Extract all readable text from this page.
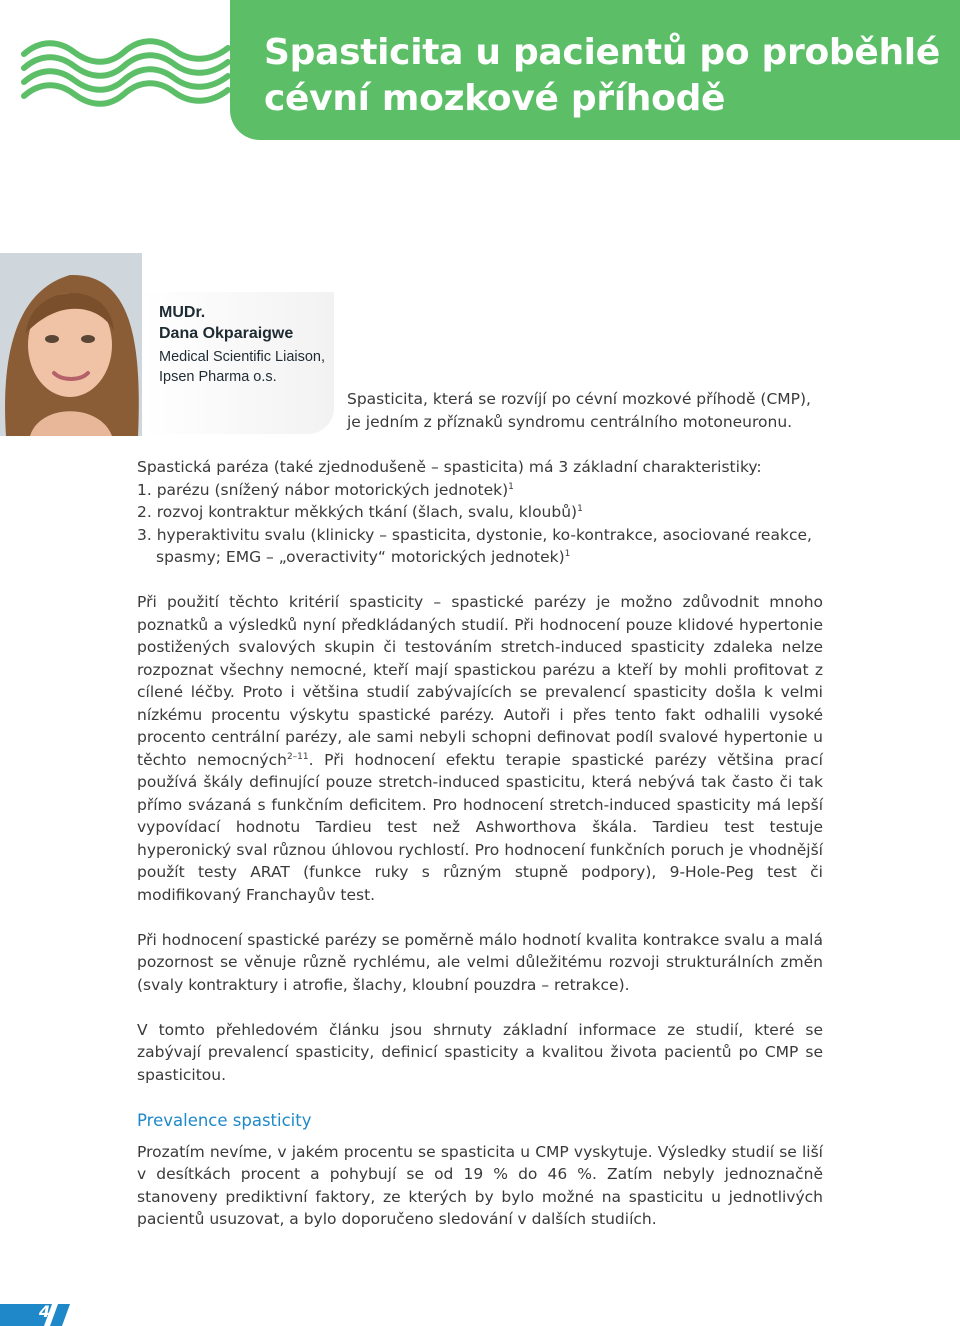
Spasticita u pacientů po proběhlé
cévní mozkové příhodě

MUDr.
Dana Okparaigwe

Medical Scientific Liaison,
Ipsen Pharma o.s.

Spasticita, která se rozvíjí po cévní mozkové příhodě (CMP), je jedním z příznaků syndromu centrálního motoneuronu.

Spastická paréza (také zjednodušeně – spasticita) má 3 základní charakteristiky:

1. parézu (snížený nábor motorických jednotek)$^1$
2. rozvoj kontraktur měkkých tkání (šlach, svalu, kloubů)$^1$
3. hyperaktivitu svalu (klinicky – spasticita, dystonie, ko-kontrakce, asociované reakce, spasmy; EMG – „overactivity“ motorických jednotek)$^1$

Při použití těchto kritérií spasticity – spastické parézy je možno zdůvodnit mnoho poznatků a výsledků nyní předkládaných studií. Při hodnocení pouze klidové hypertonie postižených svalových skupin či testováním stretch-induced spasticity zdaleka nelze rozpoznat všechny nemocné, kteří mají spastickou parézu a kteří by mohli profitovat z cílené léčby. Proto i většina studií zabývajících se prevalencí spasticity došla k velmi nízkému procentu výskytu spastické parézy. Autoři i přes tento fakt odhalili vysoké procento centrální parézy, ale sami nebyli schopni definovat podíl svalové hypertonie u těchto nemocných$^{2-11}$. Při hodnocení efektu terapie spastické parézy většina prací používá škály definující pouze stretch-induced spasticitu, která nebývá tak často či tak přímo svázaná s funkčním deficitem. Pro hodnocení stretch-induced spasticity má lepší vypovídací hodnotu Tardieu test než Ashworthova škála. Tardieu test testuje hyperonický sval různou úhlovou rychlostí. Pro hodnocení funkčních poruch je vhodnější použít testy ARAT (funkce ruky s různým stupně podpory), 9-Hole-Peg test či modifikovaný Franchayův test.

Při hodnocení spastické parézy se poměrně málo hodnotí kvalita kontrakce svalu a malá pozornost se věnuje různě rychlému, ale velmi důležitému rozvoji strukturálních změn (svaly kontraktury i atrofie, šlachy, kloubní pouzdra – retrakce).

V tomto přehledovém článku jsou shrnuty základní informace ze studií, které se zabývají prevalencí spasticity, definicí spasticity a kvalitou života pacientů po CMP se spasticitou.

Prevalence spasticity

Prozatím nevíme, v jakém procentu se spasticita u CMP vyskytuje. Výsledky studií se liší v desítkách procent a pohybují se od 19 % do 46 %. Zatím nebyly jednoznačně stanoveny prediktivní faktory, ze kterých by bylo možné na spasticitu u jednotlivých pacientů usuzovat, a bylo doporučeno sledování v dalších studiích.

4
